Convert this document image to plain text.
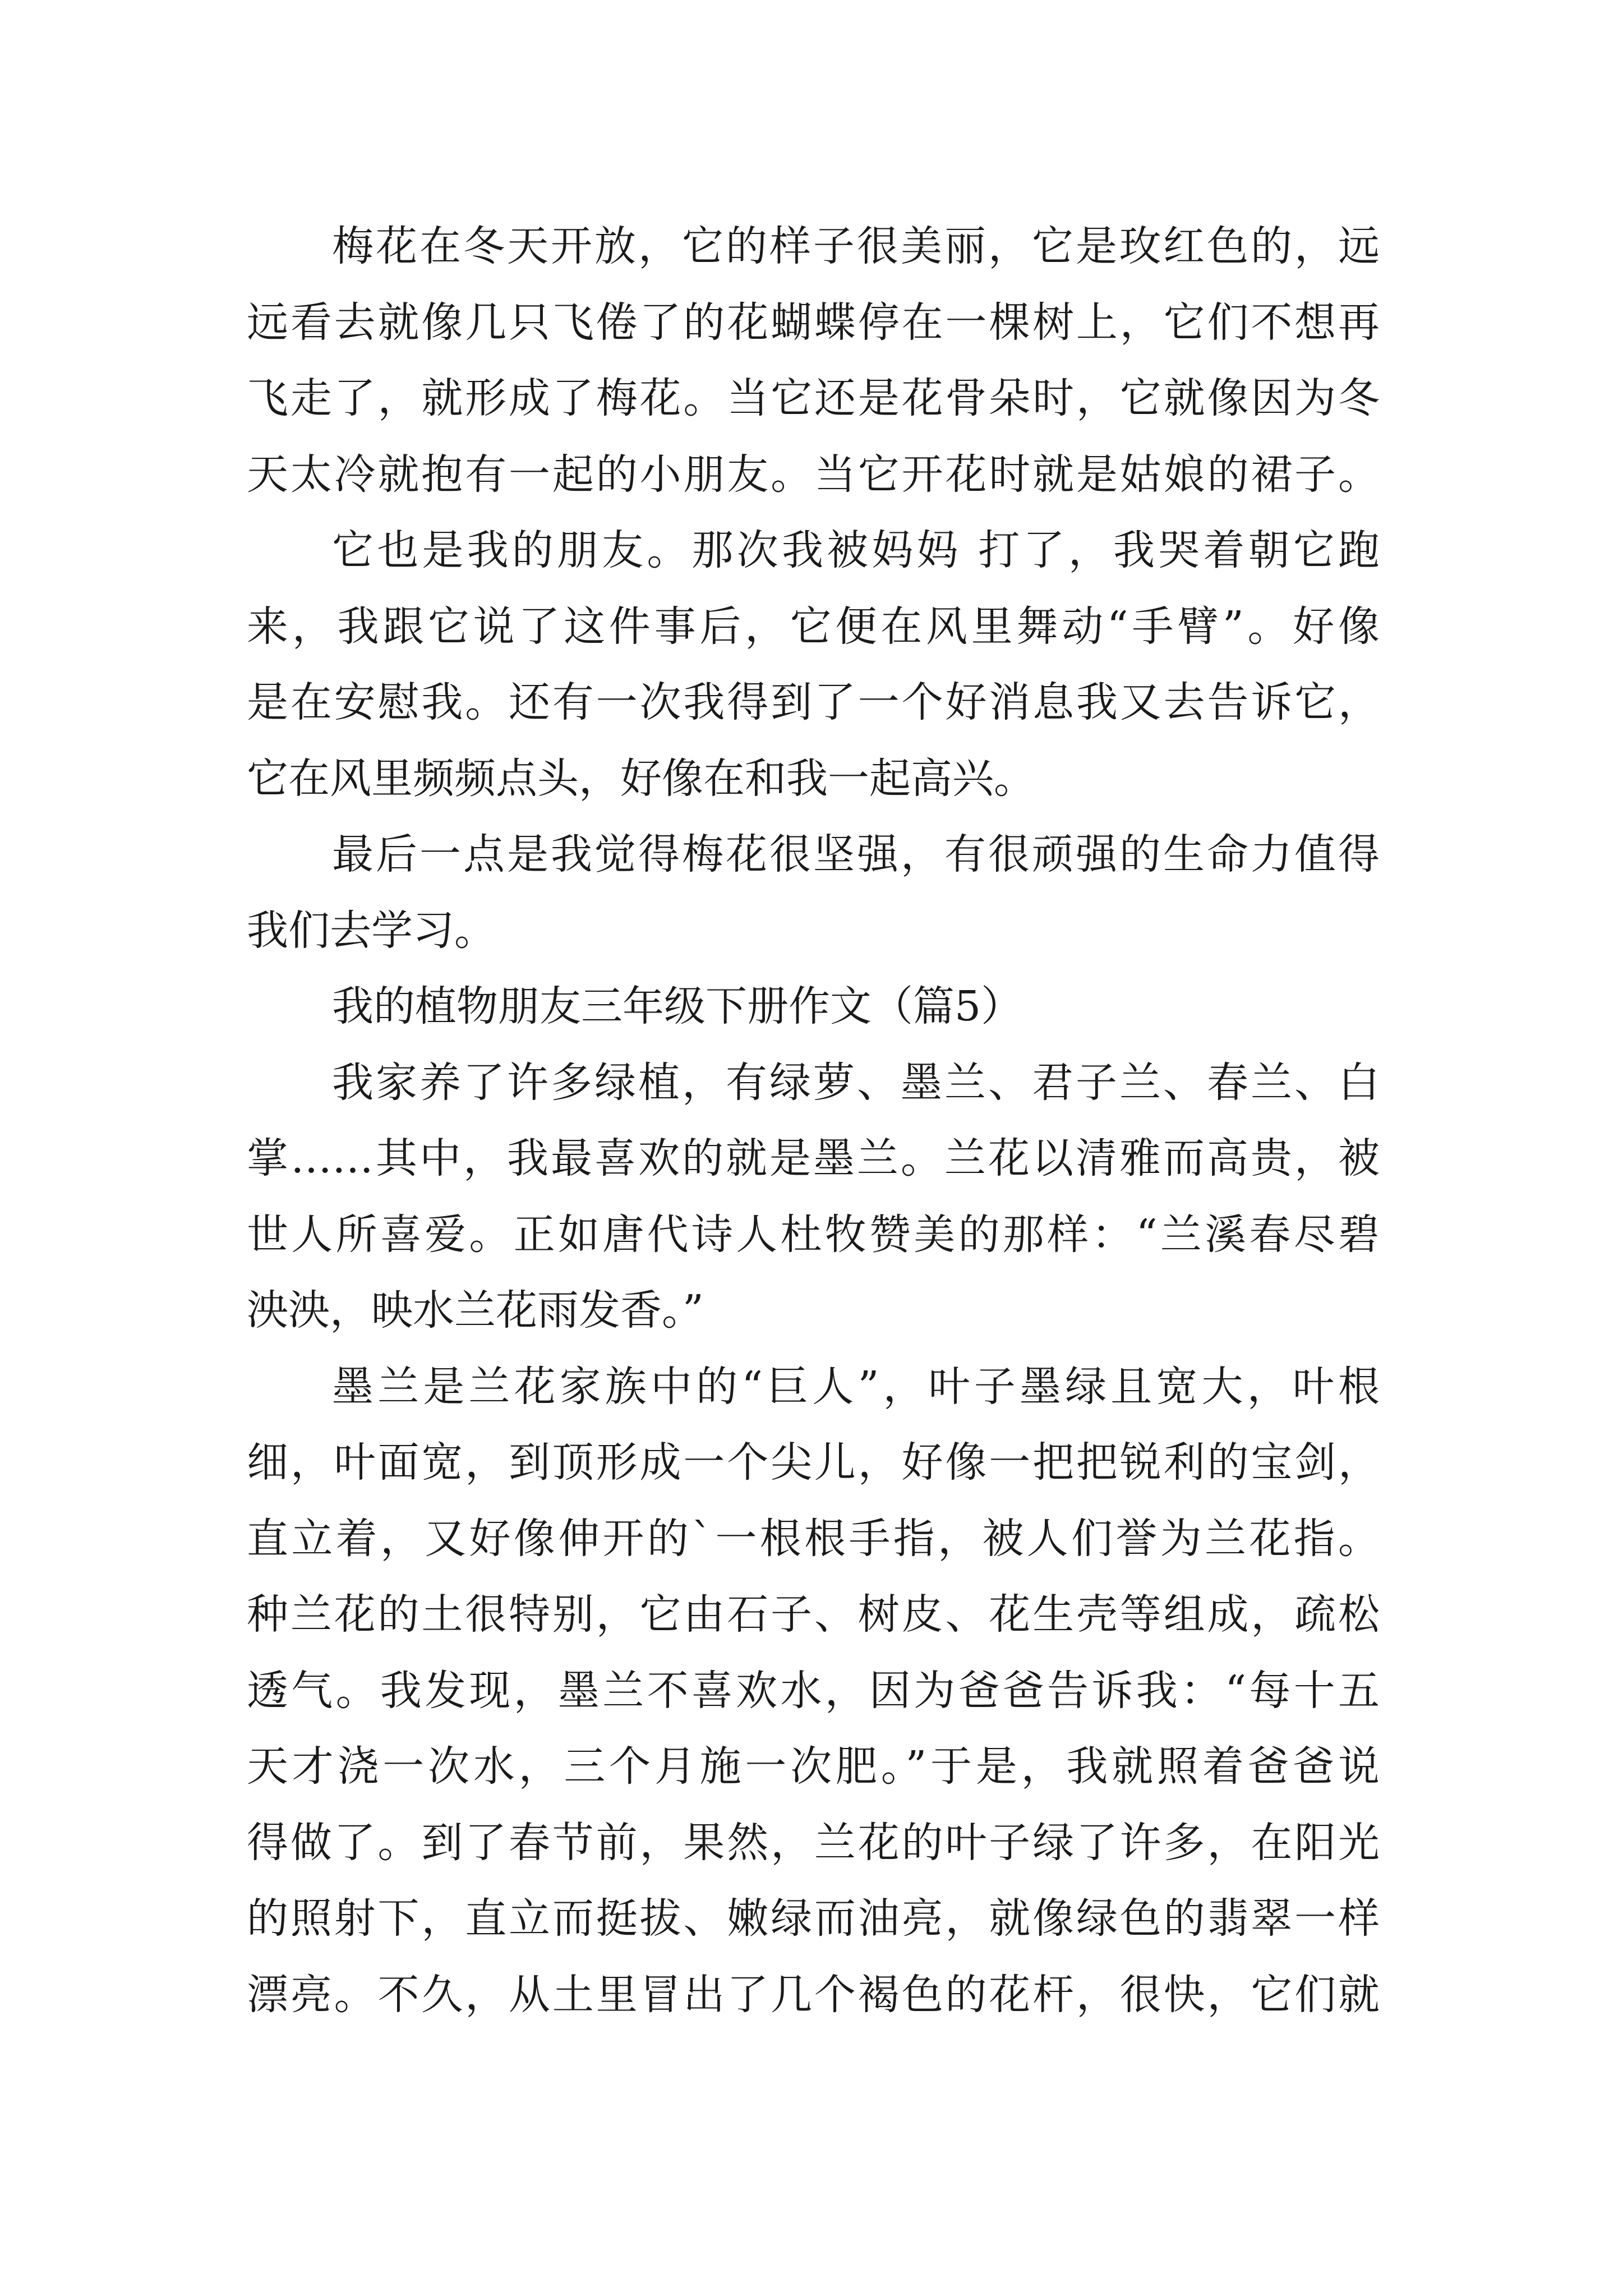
梅花在冬天开放，它的样子很美丽，它是玫红色的，远
远看去就像几只飞倦了的花蝴蝶停在一棵树上，它们不想再
飞走了，就形成了梅花。当它还是花骨朵时，它就像因为冬
天太冷就抱有一起的小朋友。当它开花时就是姑娘的裙子。
它也是我的朋友。那次我被妈妈 打了，我哭着朝它跑
来，我跟它说了这件事后，它便在风里舞动“手臂”。好像
是在安慰我。还有一次我得到了一个好消息我又去告诉它，
它在风里频频点头，好像在和我一起高兴。
最后一点是我觉得梅花很坚强，有很顽强的生命力值得
我们去学习。
我的植物朋友三年级下册作文（篇5）
我家养了许多绿植，有绿萝、墨兰、君子兰、春兰、白
掌……其中，我最喜欢的就是墨兰。兰花以清雅而高贵，被
世人所喜爱。正如唐代诗人杜牧赞美的那样：“兰溪春尽碧
泱泱，映水兰花雨发香。”
墨兰是兰花家族中的“巨人”，叶子墨绿且宽大，叶根
细，叶面宽，到顶形成一个尖儿，好像一把把锐利的宝剑，
直立着，又好像伸开的`一根根手指，被人们誉为兰花指。
种兰花的土很特别，它由石子、树皮、花生壳等组成，疏松
透气。我发现，墨兰不喜欢水，因为爸爸告诉我：“每十五
天才浇一次水，三个月施一次肥。”于是，我就照着爸爸说
得做了。到了春节前，果然，兰花的叶子绿了许多，在阳光
的照射下，直立而挺拔、嫩绿而油亮，就像绿色的翡翠一样
漂亮。不久，从土里冒出了几个褐色的花杆，很快，它们就
